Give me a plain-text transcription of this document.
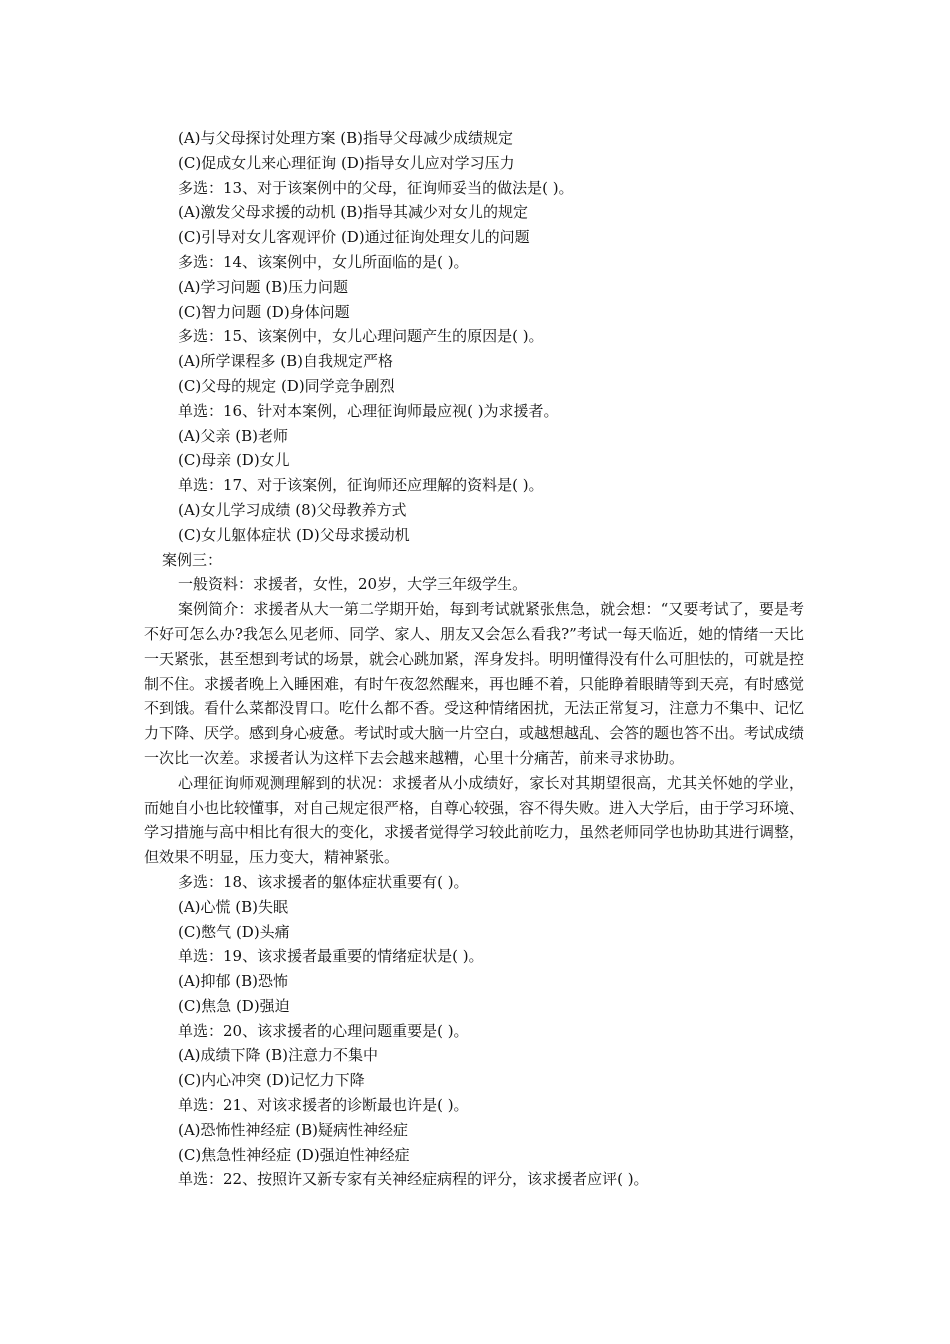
(A)与父母探讨处理方案 (B)指导父母减少成绩规定
(C)促成女儿来心理征询 (D)指导女儿应对学习压力
多选：13、对于该案例中的父母，征询师妥当的做法是( )。
(A)激发父母求援的动机 (B)指导其减少对女儿的规定
(C)引导对女儿客观评价 (D)通过征询处理女儿的问题
多选：14、该案例中，女儿所面临的是( )。
(A)学习问题 (B)压力问题
(C)智力问题 (D)身体问题
多选：15、该案例中，女儿心理问题产生的原因是( )。
(A)所学课程多 (B)自我规定严格
(C)父母的规定 (D)同学竞争剧烈
单选：16、针对本案例，心理征询师最应视( )为求援者。
(A)父亲 (B)老师
(C)母亲 (D)女儿
单选：17、对于该案例，征询师还应理解的资料是( )。
(A)女儿学习成绩 (8)父母教养方式
(C)女儿躯体症状 (D)父母求援动机
案例三：
一般资料：求援者，女性，20岁，大学三年级学生。
案例简介：求援者从大一第二学期开始，每到考试就紧张焦急，就会想：“又要考试了，要是考不好可怎么办?我怎么见老师、同学、家人、朋友又会怎么看我?”考试一每天临近，她的情绪一天比一天紧张，甚至想到考试的场景，就会心跳加紧，浑身发抖。明明懂得没有什么可胆怯的，可就是控制不住。求援者晚上入睡困难，有时午夜忽然醒来，再也睡不着，只能睁着眼睛等到天亮，有时感觉不到饿。看什么菜都没胃口。吃什么都不香。受这种情绪困扰，无法正常复习，注意力不集中、记忆力下降、厌学。感到身心疲惫。考试时或大脑一片空白，或越想越乱、会答的题也答不出。考试成绩一次比一次差。求援者认为这样下去会越来越糟，心里十分痛苦，前来寻求协助。
心理征询师观测理解到的状况：求援者从小成绩好，家长对其期望很高，尤其关怀她的学业，而她自小也比较懂事，对自己规定很严格，自尊心较强，容不得失败。进入大学后，由于学习环境、学习措施与高中相比有很大的变化，求援者觉得学习较此前吃力，虽然老师同学也协助其进行调整，但效果不明显，压力变大，精神紧张。
多选：18、该求援者的躯体症状重要有( )。
(A)心慌 (B)失眠
(C)憋气 (D)头痛
单选：19、该求援者最重要的情绪症状是( )。
(A)抑郁 (B)恐怖
(C)焦急 (D)强迫
单选：20、该求援者的心理问题重要是( )。
(A)成绩下降 (B)注意力不集中
(C)内心冲突 (D)记忆力下降
单选：21、对该求援者的诊断最也许是( )。
(A)恐怖性神经症 (B)疑病性神经症
(C)焦急性神经症 (D)强迫性神经症
单选：22、按照许又新专家有关神经症病程的评分，该求援者应评( )。
